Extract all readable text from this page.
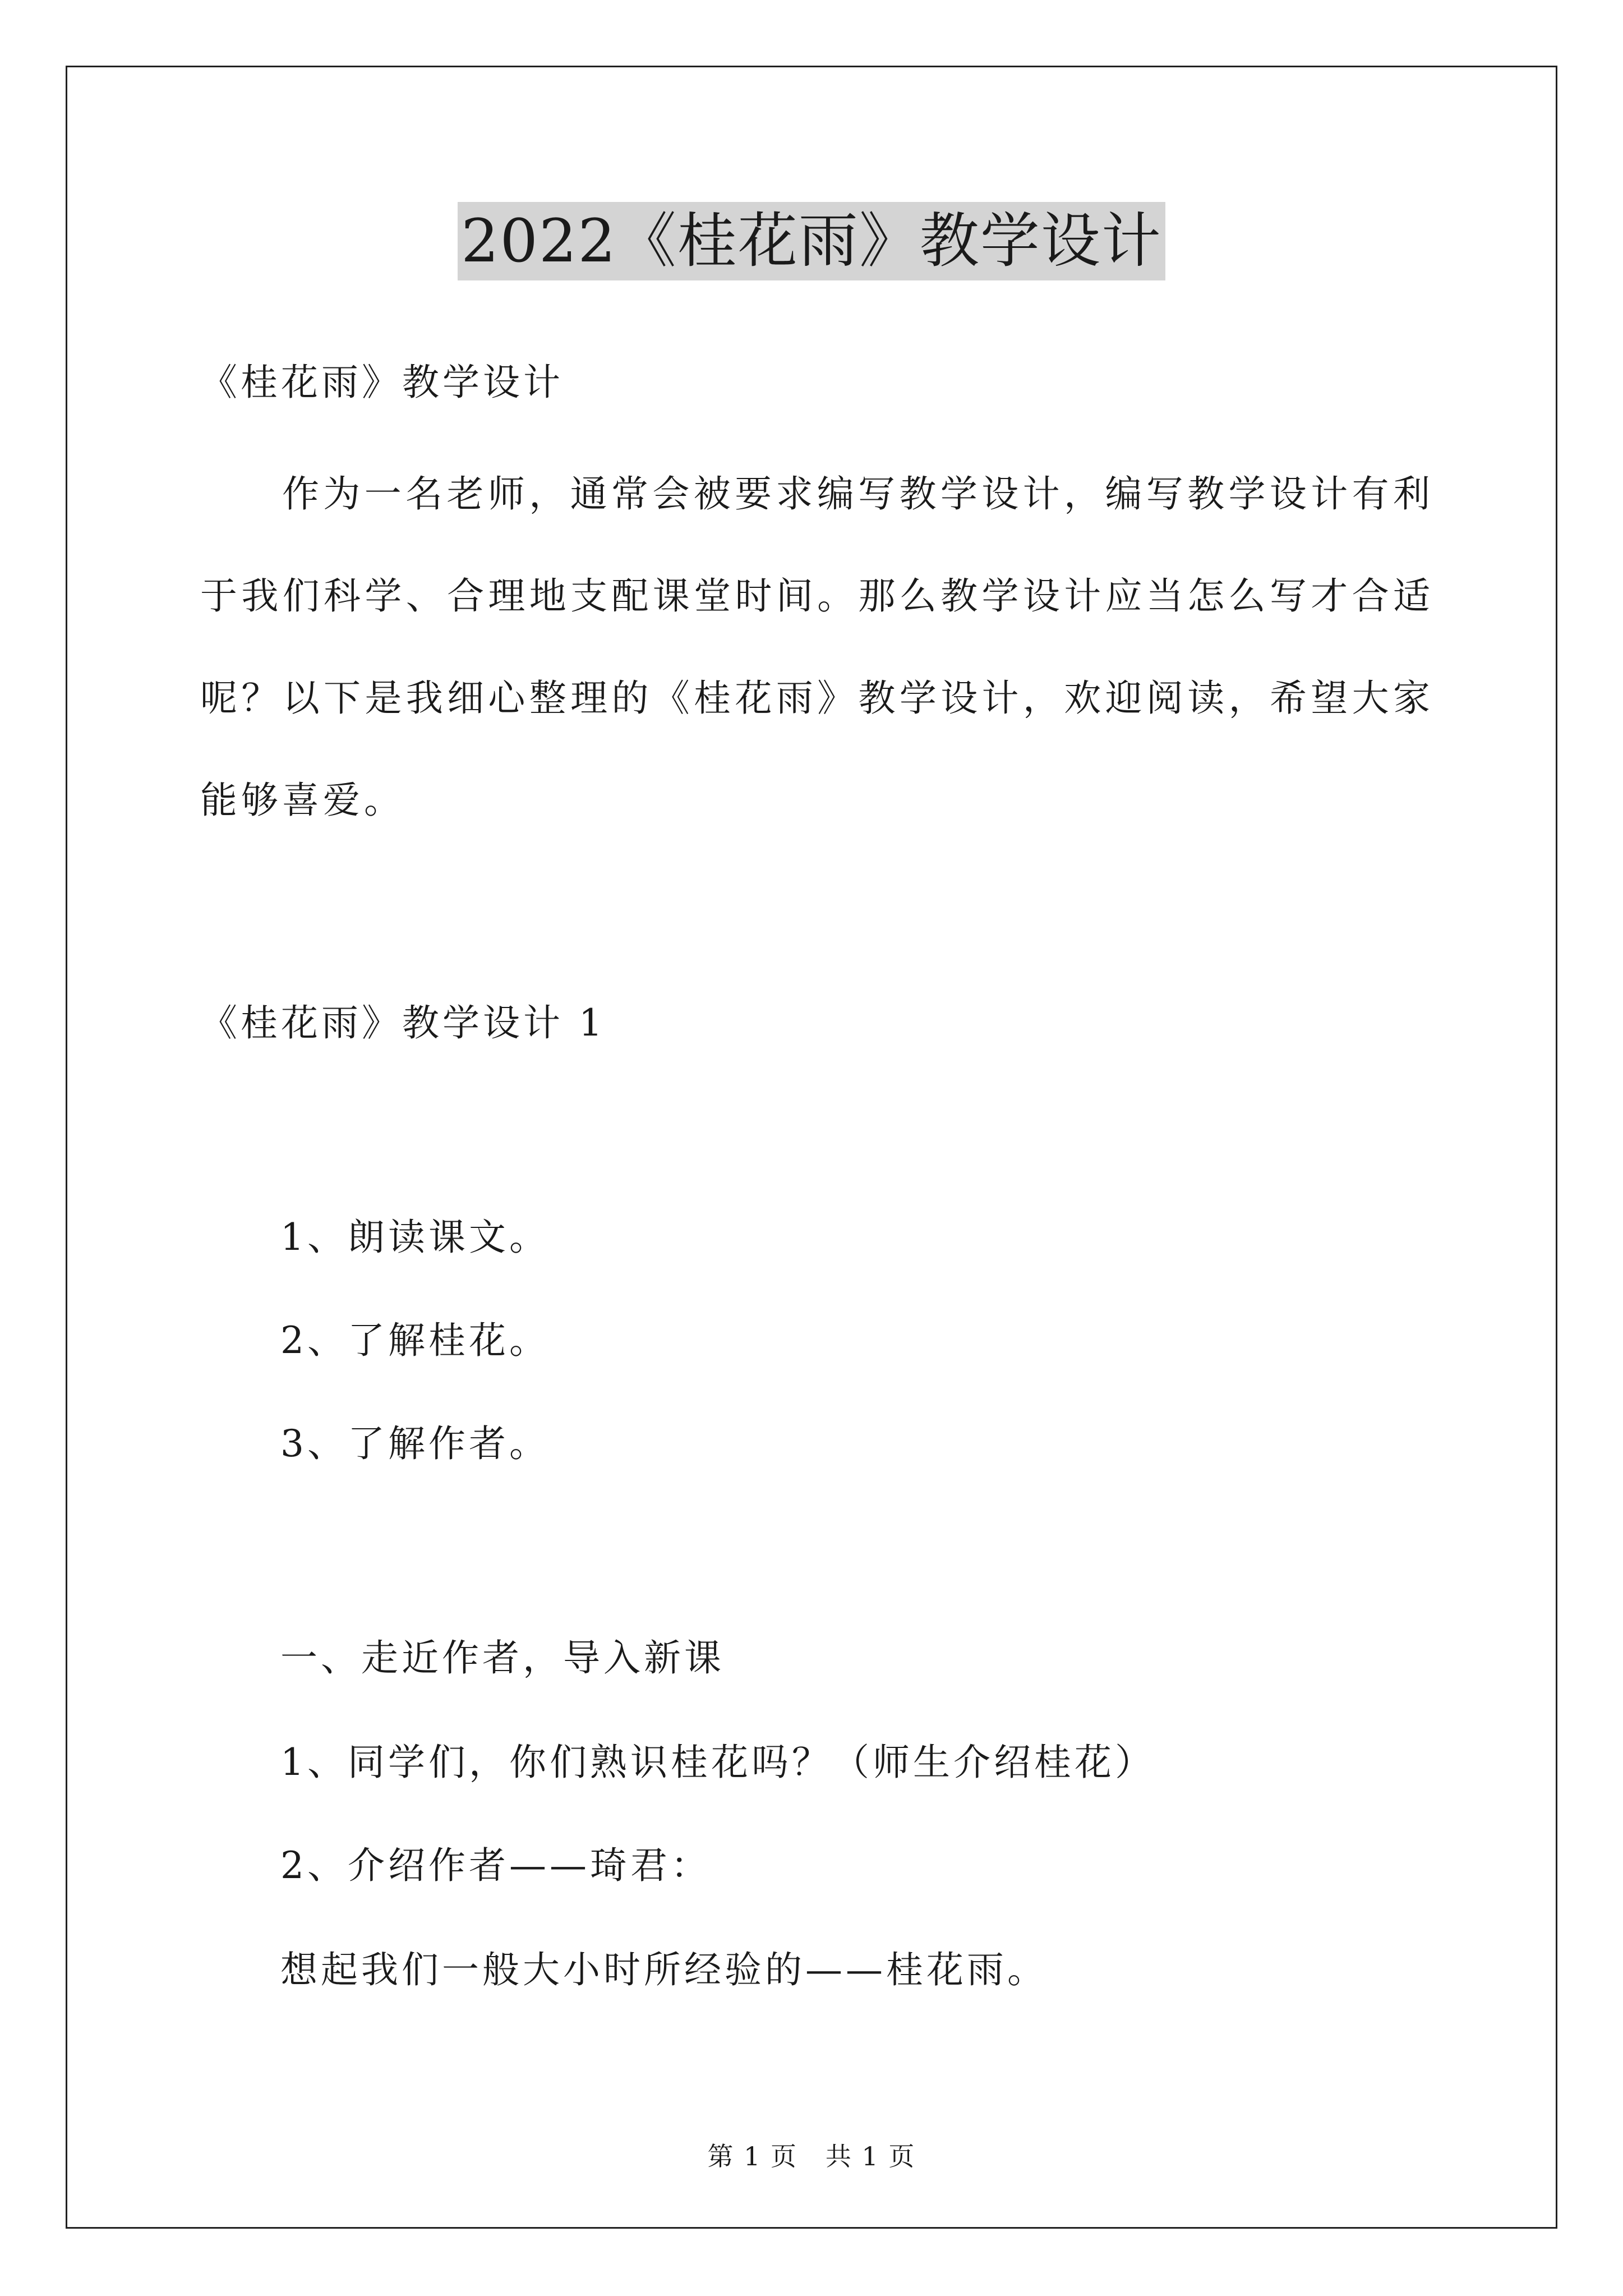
2022《桂花雨》教学设计

《桂花雨》教学设计

作为一名老师，通常会被要求编写教学设计，编写教学设计有利于我们科学、合理地支配课堂时间。那么教学设计应当怎么写才合适呢？以下是我细心整理的《桂花雨》教学设计，欢迎阅读，希望大家能够喜爱。

《桂花雨》教学设计 1

1、朗读课文。

2、了解桂花。

3、了解作者。

一、走近作者，导入新课

1、同学们，你们熟识桂花吗？（师生介绍桂花）

2、介绍作者——琦君：

想起我们一般大小时所经验的——桂花雨。

第 1 页   共 1 页
